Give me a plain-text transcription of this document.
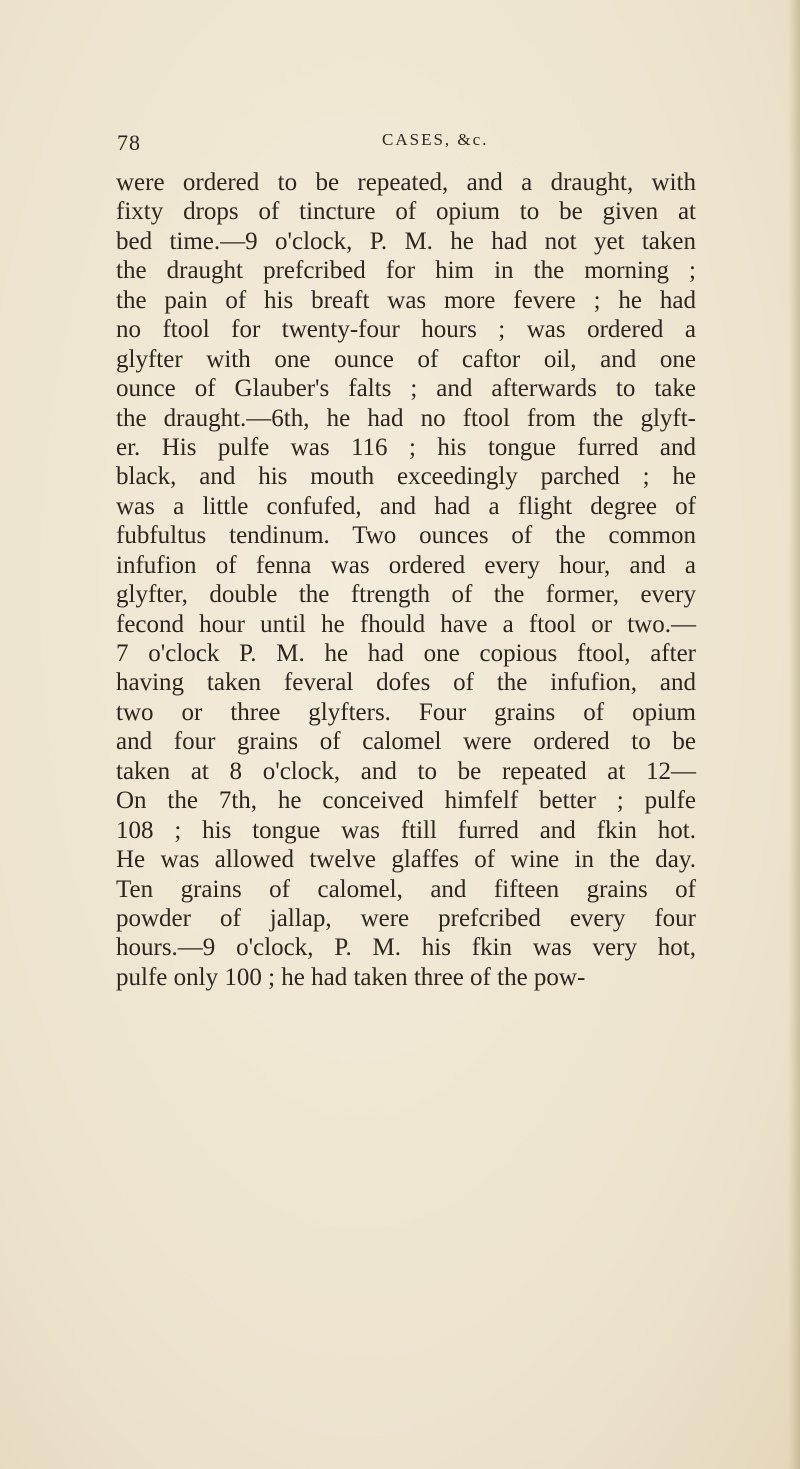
78	CASES, &c.
were ordered to be repeated, and a draught, with
fixty drops of tincture of opium to be given at
bed time.—9 o'clock, P. M. he had not yet taken
the draught prefcribed for him in the morning ;
the pain of his breaft was more fevere ; he had
no ftool for twenty-four hours ; was ordered a
glyfter with one ounce of caftor oil, and one
ounce of Glauber's falts ; and afterwards to take
the draught.—6th, he had no ftool from the glyft-
er. His pulfe was 116 ; his tongue furred and
black, and his mouth exceedingly parched ; he
was a little confufed, and had a flight degree of
fubfultus tendinum. Two ounces of the common
infufion of fenna was ordered every hour, and a
glyfter, double the ftrength of the former, every
fecond hour until he fhould have a ftool or two.—
7 o'clock P. M. he had one copious ftool, after
having taken feveral dofes of the infufion, and
two or three glyfters. Four grains of opium
and four grains of calomel were ordered to be
taken at 8 o'clock, and to be repeated at 12—
On the 7th, he conceived himfelf better ; pulfe
108 ; his tongue was ftill furred and fkin hot.
He was allowed twelve glaffes of wine in the day.
Ten grains of calomel, and fifteen grains of
powder of jallap, were prefcribed every four
hours.—9 o'clock, P. M. his fkin was very hot,
pulfe only 100 ; he had taken three of the pow-
